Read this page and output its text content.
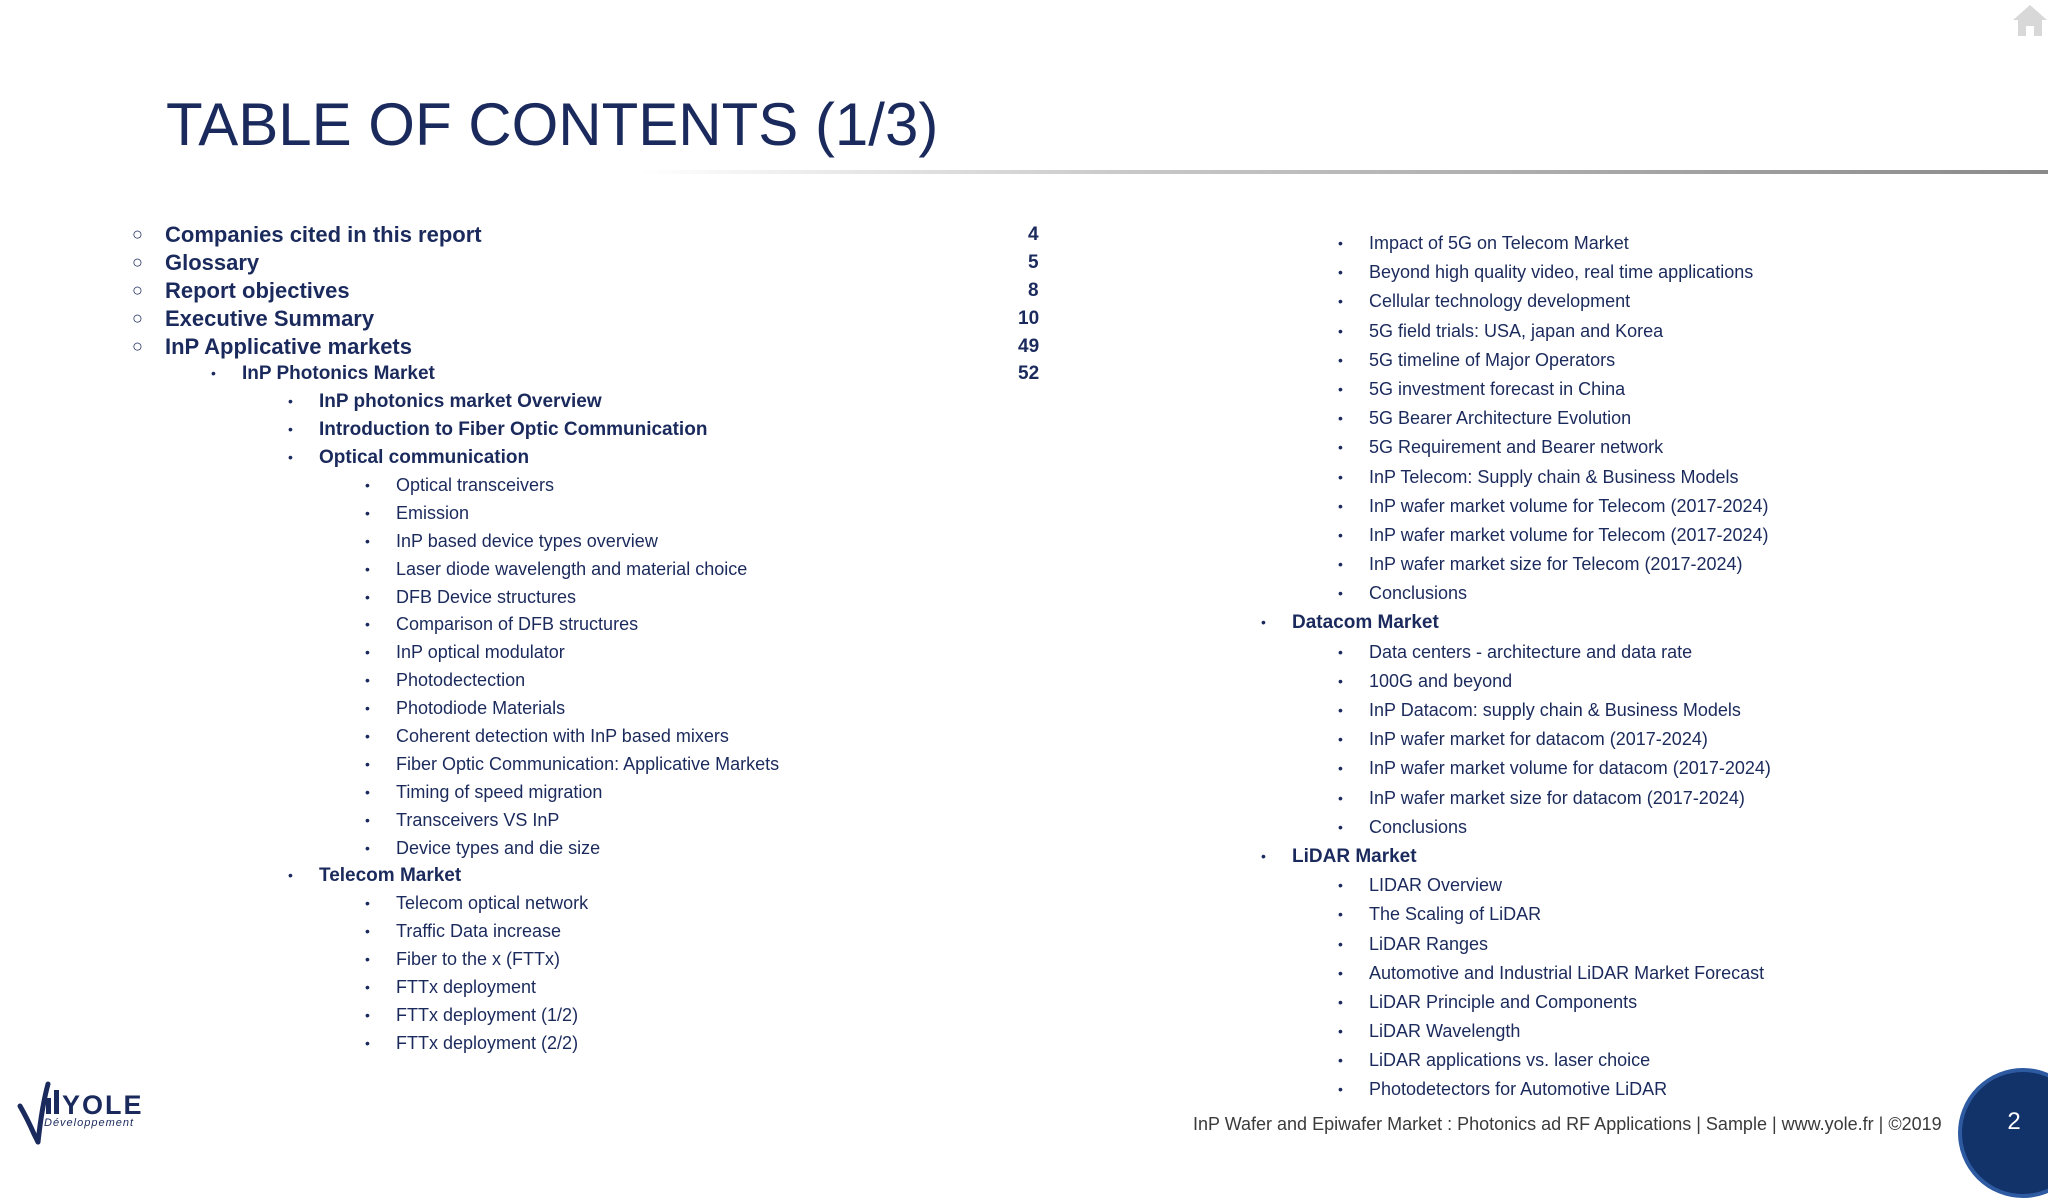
TABLE OF CONTENTS (1/3)
○ Companies cited in this report	4
○ Glossary	5
○ Report objectives	8
○ Executive Summary	10
○ InP Applicative markets	49
• InP Photonics Market	52
• InP photonics market Overview
• Introduction to Fiber Optic Communication
• Optical communication
• Optical transceivers
• Emission
• InP based device types overview
• Laser diode wavelength and material choice
• DFB Device structures
• Comparison of DFB structures
• InP optical modulator
• Photodectection
• Photodiode Materials
• Coherent detection with InP based mixers
• Fiber Optic Communication: Applicative Markets
• Timing of speed migration
• Transceivers VS InP
• Device types and die size
• Telecom Market
• Telecom optical network
• Traffic Data increase
• Fiber to the x (FTTx)
• FTTx deployment
• FTTx deployment (1/2)
• FTTx deployment (2/2)
• Impact of 5G on Telecom Market
• Beyond high quality video, real time applications
• Cellular technology development
• 5G field trials: USA, japan and Korea
• 5G timeline of Major Operators
• 5G investment forecast in China
• 5G Bearer Architecture Evolution
• 5G Requirement and Bearer network
• InP Telecom: Supply chain & Business Models
• InP wafer market volume for Telecom (2017-2024)
• InP wafer market volume for Telecom (2017-2024)
• InP wafer market size for Telecom (2017-2024)
• Conclusions
• Datacom Market
• Data centers - architecture and data rate
• 100G and beyond
• InP Datacom: supply chain & Business Models
• InP wafer market for datacom (2017-2024)
• InP wafer market volume for datacom (2017-2024)
• InP wafer market size for datacom (2017-2024)
• Conclusions
• LiDAR Market
• LIDAR Overview
• The Scaling of LiDAR
• LiDAR Ranges
• Automotive and Industrial LiDAR Market Forecast
• LiDAR Principle and Components
• LiDAR Wavelength
• LiDAR applications vs. laser choice
• Photodetectors for Automotive LiDAR
YOLE
Développement	InP Wafer and Epiwafer Market : Photonics ad RF Applications | Sample | www.yole.fr | ©2019	2
